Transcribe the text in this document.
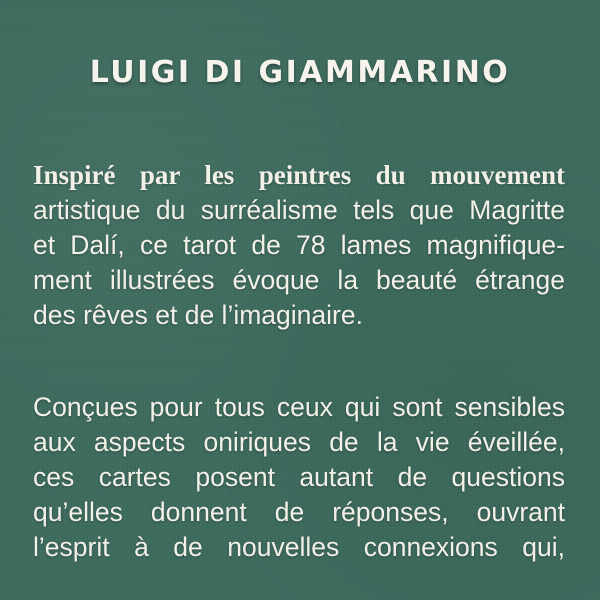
LUIGI DI GIAMMARINO
Inspiré par les peintres du mouvement
artistique du surréalisme tels que Magritte
et Dalí, ce tarot de 78 lames magnifique-
ment illustrées évoque la beauté étrange
des rêves et de l’imaginaire.
Conçues pour tous ceux qui sont sensibles
aux aspects oniriques de la vie éveillée,
ces cartes posent autant de questions
qu’elles donnent de réponses, ouvrant
l’esprit à de nouvelles connexions qui,
